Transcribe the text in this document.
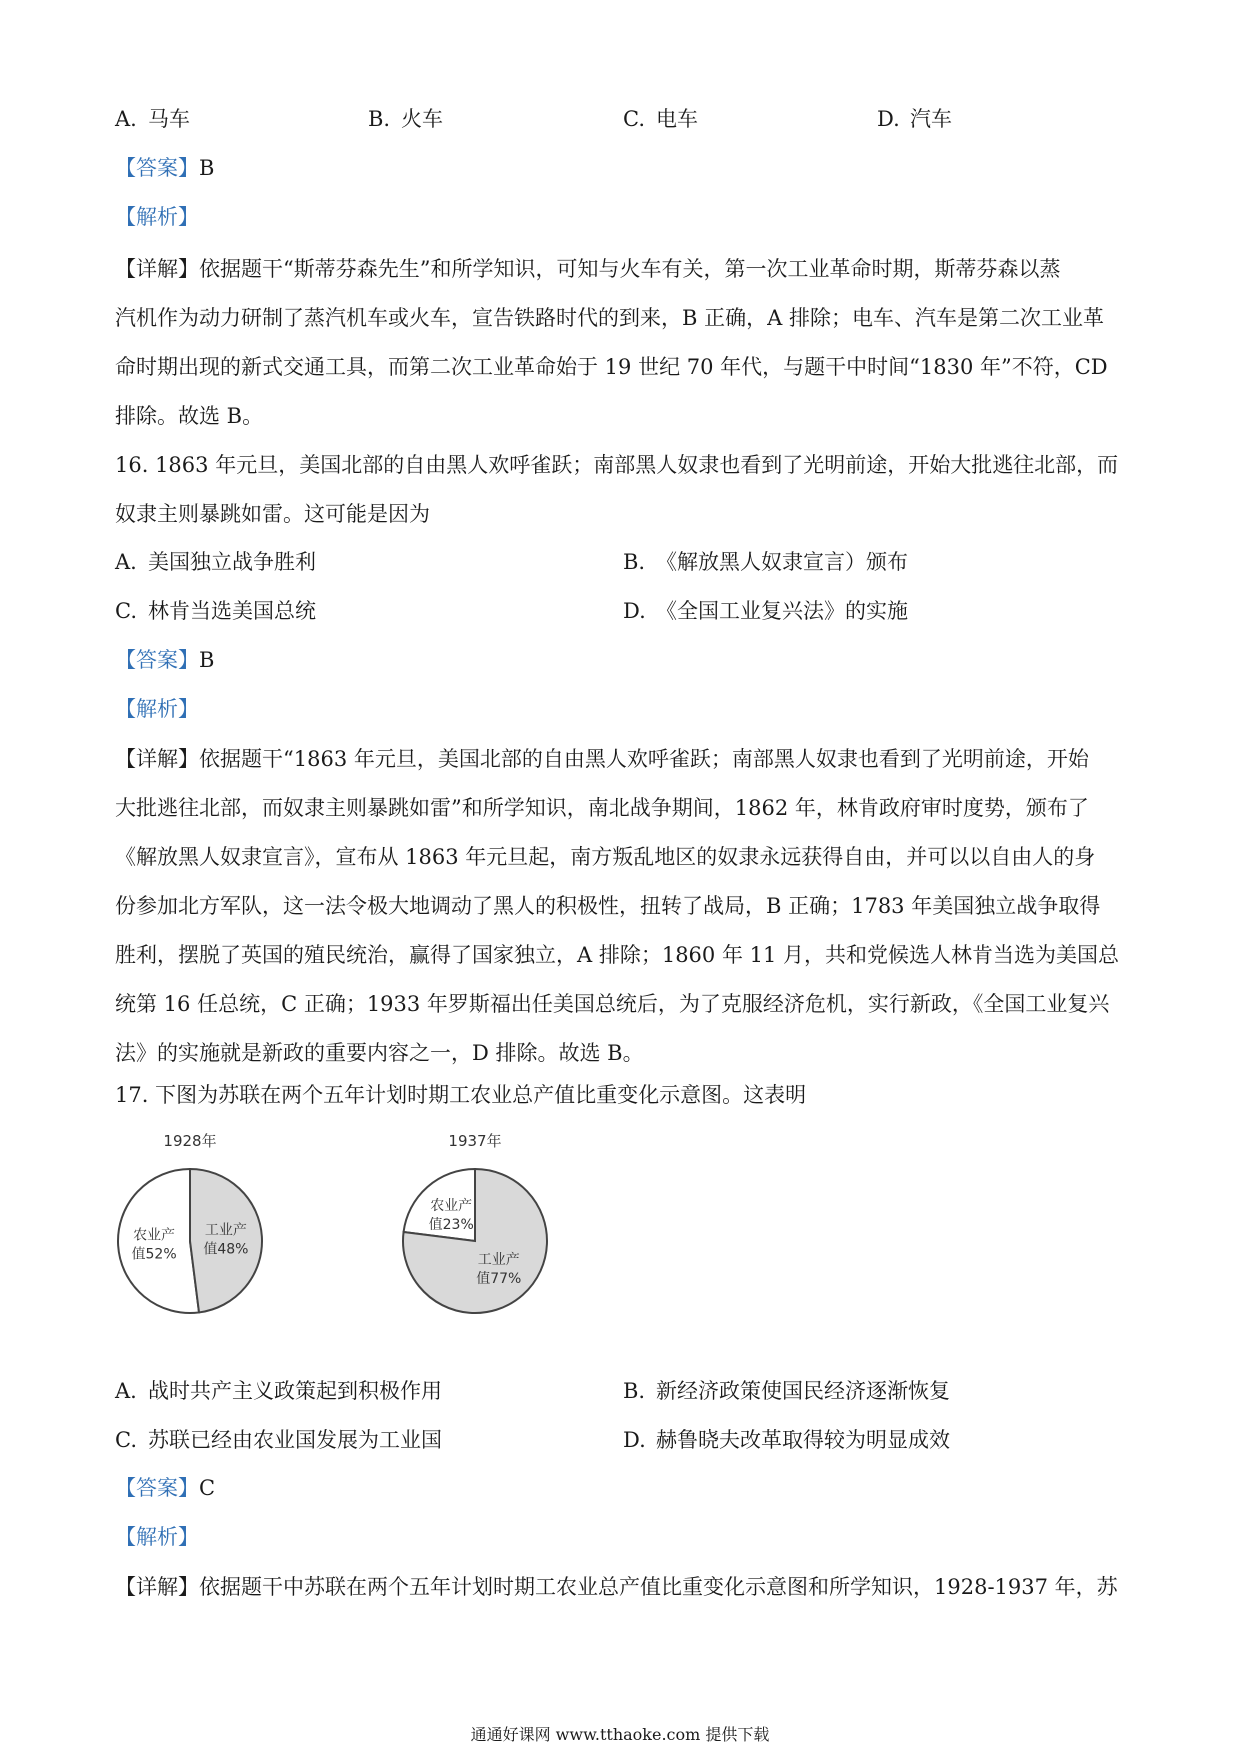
A. 马车	B. 火车	C. 电车	D. 汽车
【答案】B
【解析】
【详解】依据题干“斯蒂芬森先生”和所学知识，可知与火车有关，第一次工业革命时期，斯蒂芬森以蒸
汽机作为动力研制了蒸汽机车或火车，宣告铁路时代的到来，B 正确，A 排除；电车、汽车是第二次工业革
命时期出现的新式交通工具，而第二次工业革命始于 19 世纪 70 年代，与题干中时间“1830 年”不符，CD
排除。故选 B。
16. 1863 年元旦，美国北部的自由黑人欢呼雀跃；南部黑人奴隶也看到了光明前途，开始大批逃往北部，而
奴隶主则暴跳如雷。这可能是因为
A. 美国独立战争胜利	B. 《解放黑人奴隶宣言）颁布
C. 林肯当选美国总统	D. 《全国工业复兴法》的实施
【答案】B
【解析】
【详解】依据题干“1863 年元旦，美国北部的自由黑人欢呼雀跃；南部黑人奴隶也看到了光明前途，开始
大批逃往北部，而奴隶主则暴跳如雷”和所学知识，南北战争期间，1862 年，林肯政府审时度势，颁布了
《解放黑人奴隶宣言》，宣布从 1863 年元旦起，南方叛乱地区的奴隶永远获得自由，并可以以自由人的身
份参加北方军队，这一法令极大地调动了黑人的积极性，扭转了战局，B 正确；1783 年美国独立战争取得
胜利，摆脱了英国的殖民统治，赢得了国家独立，A 排除；1860 年 11 月，共和党候选人林肯当选为美国总
统第 16 任总统，C 正确；1933 年罗斯福出任美国总统后，为了克服经济危机，实行新政，《全国工业复兴
法》的实施就是新政的重要内容之一，D 排除。故选 B。
17. 下图为苏联在两个五年计划时期工农业总产值比重变化示意图。这表明
1928年
农业产
值52%
工业产
值48%
1937年
农业产
值23%
工业产
值77%
A. 战时共产主义政策起到积极作用	B. 新经济政策使国民经济逐渐恢复
C. 苏联已经由农业国发展为工业国	D. 赫鲁晓夫改革取得较为明显成效
【答案】C
【解析】
【详解】依据题干中苏联在两个五年计划时期工农业总产值比重变化示意图和所学知识，1928-1937 年，苏
通通好课网 www.tthaoke.com 提供下载
